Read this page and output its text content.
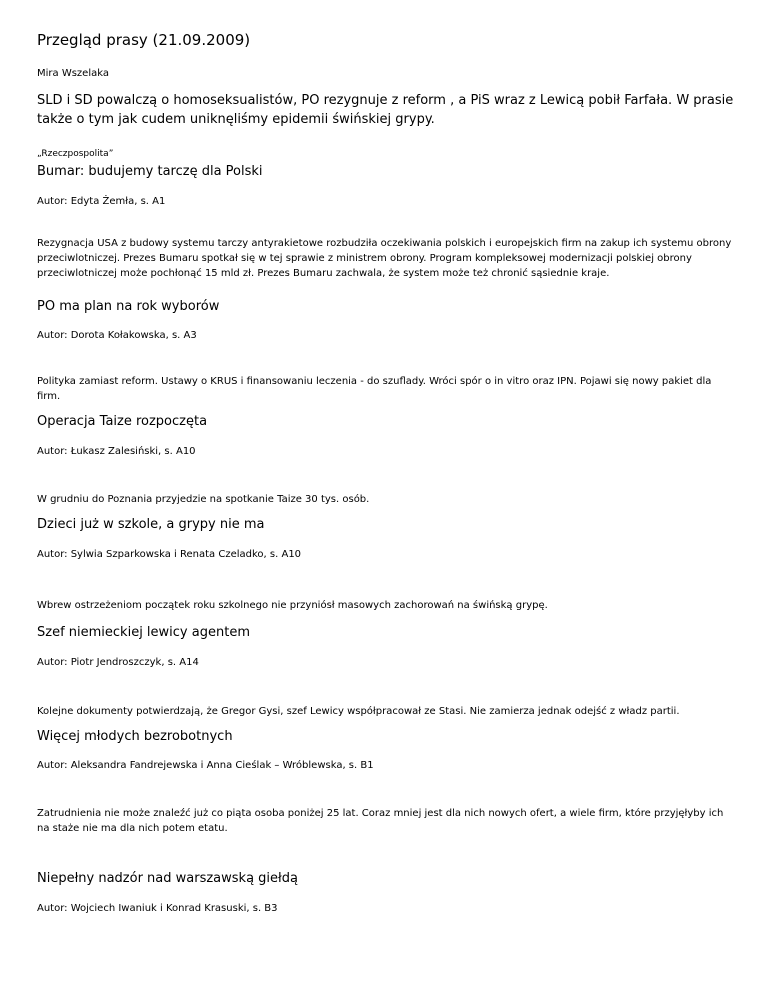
Przegląd prasy (21.09.2009)

Mira Wszelaka

SLD i SD powalczą o homoseksualistów, PO rezygnuje z reform , a PiS wraz z Lewicą pobił Farfała. W prasie także o tym jak cudem uniknęliśmy epidemii świńskiej grypy.

„Rzeczpospolita”

Bumar: budujemy tarczę dla Polski

Autor: Edyta Żemła, s. A1

Rezygnacja USA z budowy systemu tarczy antyrakietowe rozbudziła oczekiwania polskich i europejskich firm na zakup ich systemu obrony przeciwlotniczej. Prezes Bumaru spotkał się w tej sprawie z ministrem obrony. Program kompleksowej modernizacji polskiej obrony przeciwlotniczej może pochłonąć 15 mld zł. Prezes Bumaru zachwala, że system może też chronić sąsiednie kraje.

PO ma plan na rok wyborów

Autor: Dorota Kołakowska, s. A3

Polityka zamiast reform. Ustawy o KRUS i finansowaniu leczenia - do szuflady. Wróci spór o in vitro oraz IPN. Pojawi się nowy pakiet dla firm.

Operacja Taize rozpoczęta

Autor: Łukasz Zalesiński, s. A10

W grudniu do Poznania przyjedzie na spotkanie Taize 30 tys. osób.

Dzieci już w szkole, a grypy nie ma

Autor: Sylwia Szparkowska i Renata Czeladko, s. A10

Wbrew ostrzeżeniom początek roku szkolnego nie przyniósł masowych zachorowań na świńską grypę.

Szef niemieckiej lewicy agentem

Autor: Piotr Jendroszczyk, s. A14

Kolejne dokumenty potwierdzają, że Gregor Gysi, szef Lewicy współpracował ze Stasi. Nie zamierza jednak odejść z władz partii.

Więcej młodych bezrobotnych

Autor: Aleksandra Fandrejewska i Anna Cieślak – Wróblewska, s. B1

Zatrudnienia nie może znaleźć już co piąta osoba poniżej 25 lat. Coraz mniej jest dla nich nowych ofert, a wiele firm, które przyjęłyby ich na staże nie ma dla nich potem etatu.

Niepełny nadzór nad warszawską giełdą

Autor: Wojciech Iwaniuk i Konrad Krasuski, s. B3
